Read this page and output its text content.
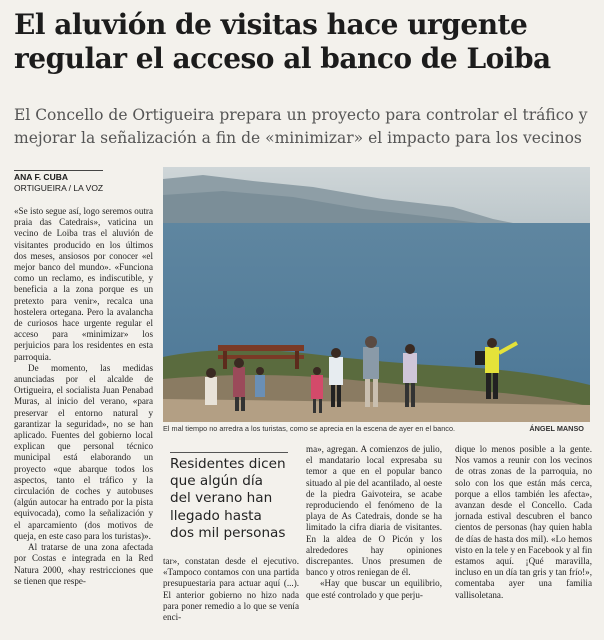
El aluvión de visitas hace urgente
regular el acceso al banco de Loiba
El Concello de Ortigueira prepara un proyecto para controlar el tráfico y
mejorar la señalización a fin de «minimizar» el impacto para los vecinos
ANA F. CUBA
ORTIGUEIRA / LA VOZ

«Se isto segue así, logo seremos outra praia das Catedrais», vaticina un vecino de Loiba tras el aluvión de visitantes producido en los últimos dos meses, ansiosos por conocer «el mejor banco del mundo». «Funciona como un reclamo, es indiscutible, y beneficia a la zona porque es un pretexto para venir», recalca una hostelera ortegana. Pero la avalancha de curiosos hace urgente regular el acceso para «minimizar» los perjuicios para los residentes en esta parroquia.

De momento, las medidas anunciadas por el alcalde de Ortigueira, el socialista Juan Penabad Muras, al inicio del verano, «para preservar el entorno natural y garantizar la seguridad», no se han aplicado. Fuentes del gobierno local explican que personal técnico municipal está elaborando un proyecto «que abarque todos los aspectos, tanto el tráfico y la circulación de coches y autobuses (algún autocar ha entrado por la pista equivocada), como la señalización y el aparcamiento (dos motivos de queja, en este caso para los turistas)».

Al tratarse de una zona afectada por Costas e integrada en la Red Natura 2000, «hay restricciones que se tienen que respe-

El mal tiempo no arredra a los turistas, como se aprecia en la escena de ayer en el banco.	ÁNGEL MANSO
Residentes dicen que algún día del verano han llegado hasta dos mil personas

tar», constatan desde el ejecutivo. «Tampoco contamos con una partida presupuestaria para actuar aquí (...). El anterior gobierno no hizo nada para poner remedio a lo que se venía enci-

ma», agregan. A comienzos de julio, el mandatario local expresaba su temor a que en el popular banco situado al pie del acantilado, al oeste de la piedra Gaivoteira, se acabe reproduciendo el fenómeno de la playa de As Catedrais, donde se ha limitado la cifra diaria de visitantes. En la aldea de O Picón y los alrededores hay opiniones discrepantes. Unos presumen de banco y otros reniegan de él.

«Hay que buscar un equilibrio, que esté controlado y que perju-

dique lo menos posible a la gente. Nos vamos a reunir con los vecinos de otras zonas de la parroquia, no solo con los que están más cerca, porque a ellos también les afecta», avanzan desde el Concello. Cada jornada estival descubren el banco cientos de personas (hay quien habla de días de hasta dos mil). «Lo hemos visto en la tele y en Facebook y al fin estamos aquí. ¡Qué maravilla, incluso en un día tan gris y tan frío!», comentaba ayer una familia vallisoletana.
